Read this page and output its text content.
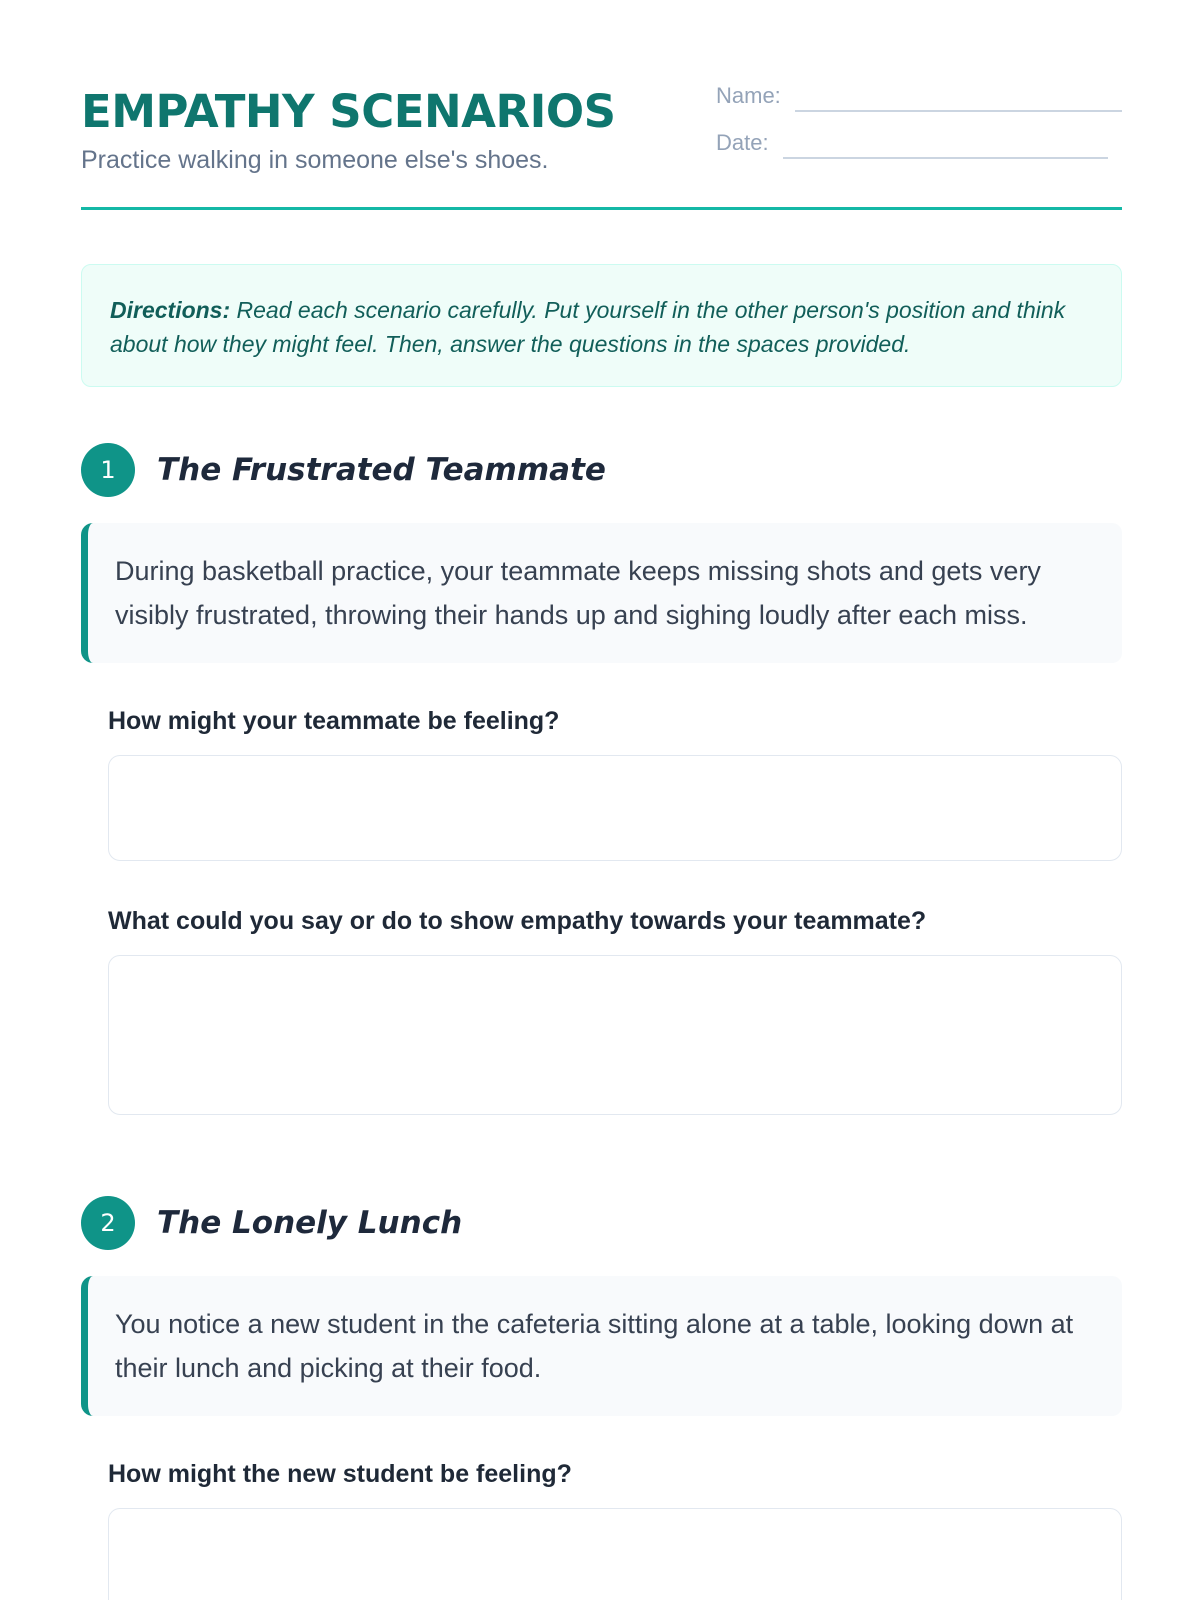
EMPATHY SCENARIOS
Practice walking in someone else's shoes.
Name:
Date:
Directions: Read each scenario carefully. Put yourself in the other person's position and think about how they might feel. Then, answer the questions in the spaces provided.
1	The Frustrated Teammate
During basketball practice, your teammate keeps missing shots and gets very visibly frustrated, throwing their hands up and sighing loudly after each miss.
How might your teammate be feeling?
What could you say or do to show empathy towards your teammate?
2	The Lonely Lunch
You notice a new student in the cafeteria sitting alone at a table, looking down at their lunch and picking at their food.
How might the new student be feeling?
